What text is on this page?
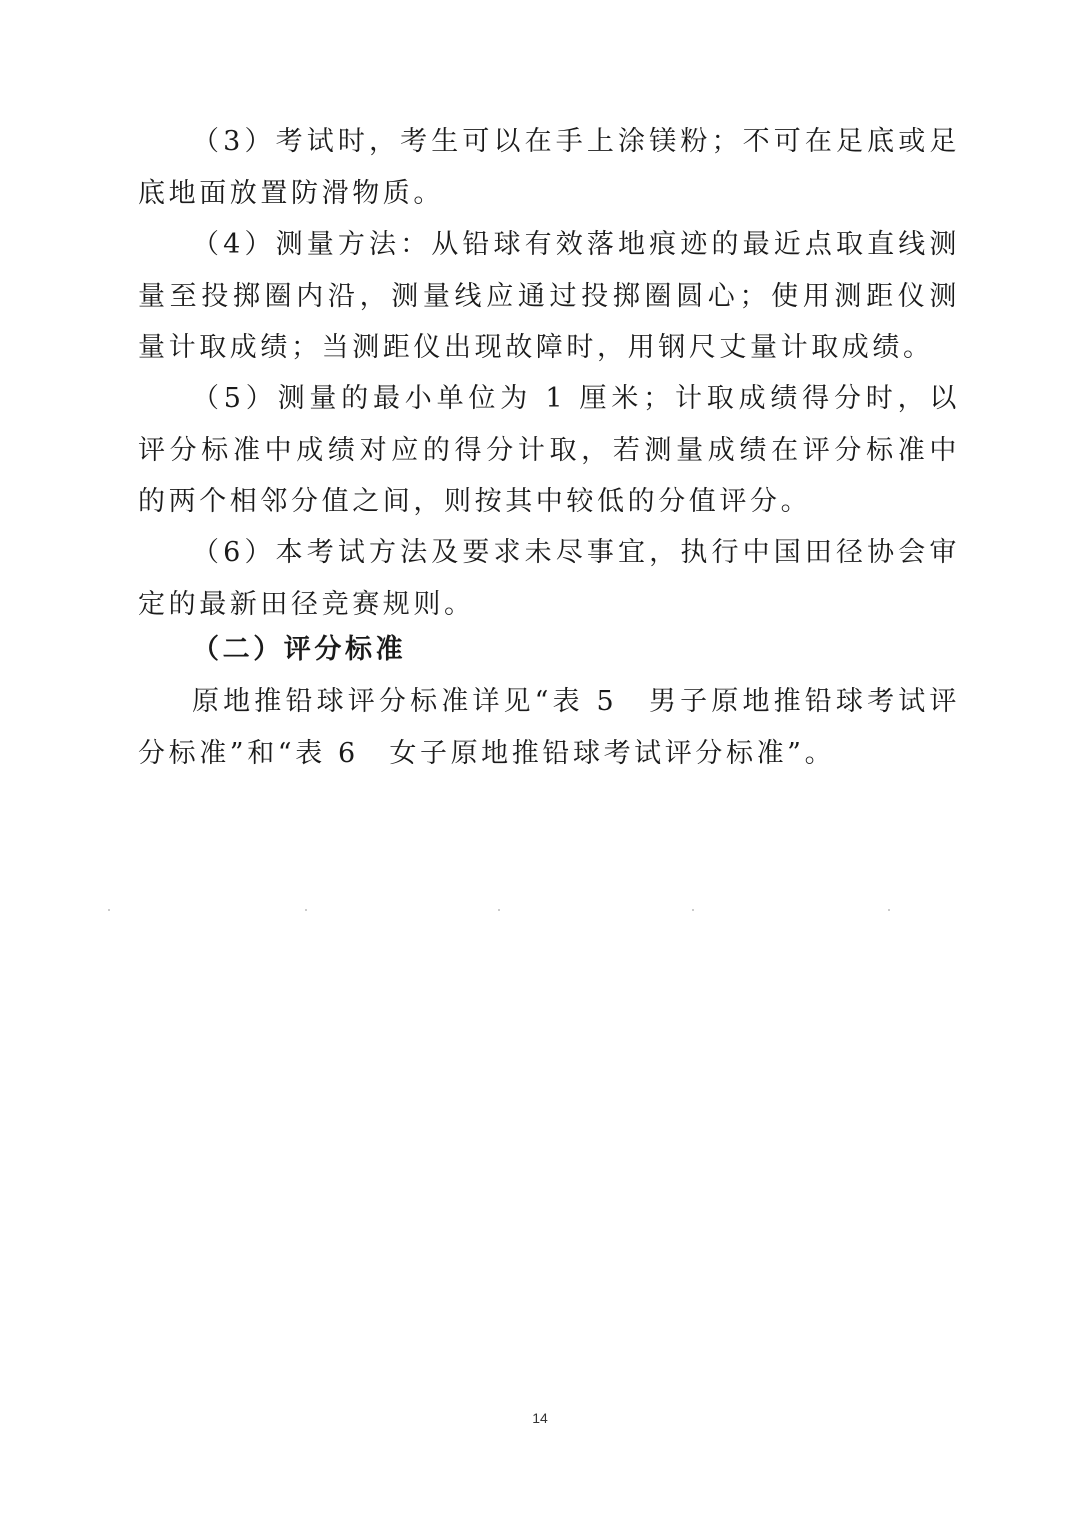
（3）考试时，考生可以在手上涂镁粉；不可在足底或足底地面放置防滑物质。

（4）测量方法：从铅球有效落地痕迹的最近点取直线测量至投掷圈内沿，测量线应通过投掷圈圆心；使用测距仪测量计取成绩；当测距仪出现故障时，用钢尺丈量计取成绩。

（5）测量的最小单位为 1 厘米；计取成绩得分时，以评分标准中成绩对应的得分计取，若测量成绩在评分标准中的两个相邻分值之间，则按其中较低的分值评分。

（6）本考试方法及要求未尽事宜，执行中国田径协会审定的最新田径竞赛规则。

（二）评分标准

原地推铅球评分标准详见“表 5　男子原地推铅球考试评分标准”和“表 6　女子原地推铅球考试评分标准”。

14
